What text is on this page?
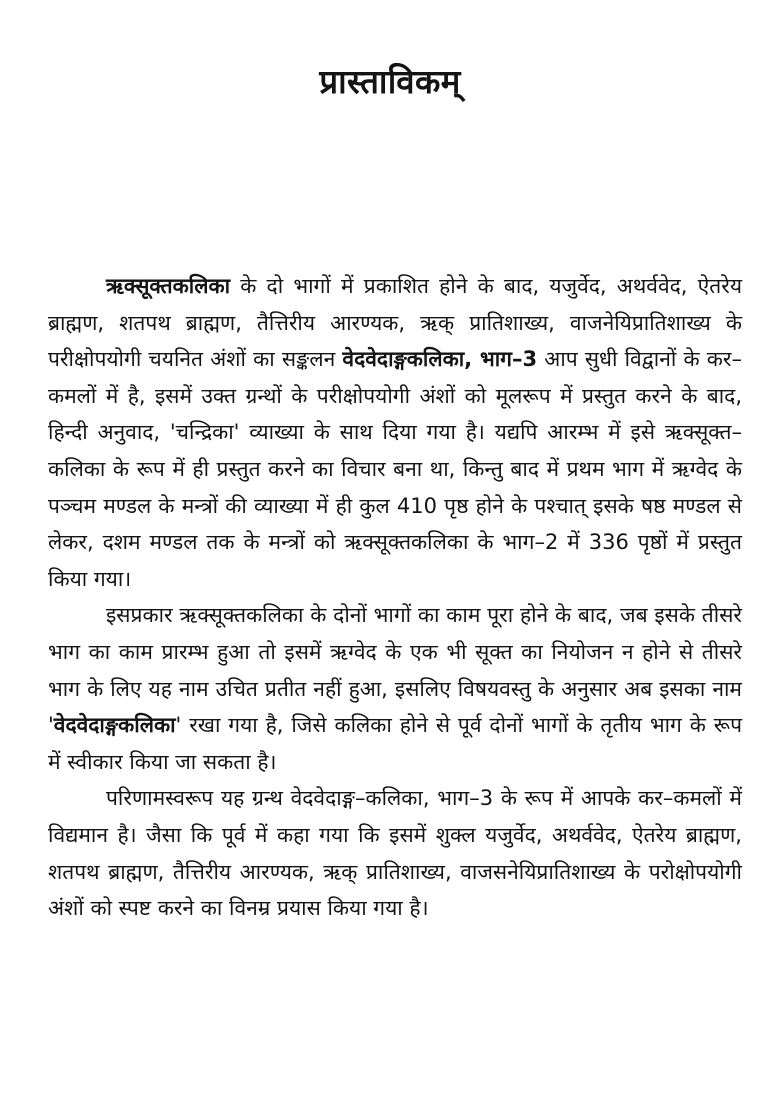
प्रास्ताविकम्

ऋक्सूक्तकलिका के दो भागों में प्रकाशित होने के बाद, यजुर्वेद, अथर्ववेद, ऐतरेय ब्राह्मण, शतपथ ब्राह्मण, तैत्तिरीय आरण्यक, ऋक् प्रातिशाख्य, वाजनेयिप्रातिशाख्य के परीक्षोपयोगी चयनित अंशों का सङ्कलन वेदवेदाङ्गकलिका, भाग–3 आप सुधी विद्वानों के कर–कमलों में है, इसमें उक्त ग्रन्थों के परीक्षोपयोगी अंशों को मूलरूप में प्रस्तुत करने के बाद, हिन्दी अनुवाद, 'चन्द्रिका' व्याख्या के साथ दिया गया है। यद्यपि आरम्भ में इसे ऋक्सूक्त–कलिका के रूप में ही प्रस्तुत करने का विचार बना था, किन्तु बाद में प्रथम भाग में ऋग्वेद के पञ्चम मण्डल के मन्त्रों की व्याख्या में ही कुल 410 पृष्ठ होने के पश्चात् इसके षष्ठ मण्डल से लेकर, दशम मण्डल तक के मन्त्रों को ऋक्सूक्तकलिका के भाग–2 में 336 पृष्ठों में प्रस्तुत किया गया।

इसप्रकार ऋक्सूक्तकलिका के दोनों भागों का काम पूरा होने के बाद, जब इसके तीसरे भाग का काम प्रारम्भ हुआ तो इसमें ऋग्वेद के एक भी सूक्त का नियोजन न होने से तीसरे भाग के लिए यह नाम उचित प्रतीत नहीं हुआ, इसलिए विषयवस्तु के अनुसार अब इसका नाम 'वेदवेदाङ्गकलिका' रखा गया है, जिसे कलिका होने से पूर्व दोनों भागों के तृतीय भाग के रूप में स्वीकार किया जा सकता है।

परिणामस्वरूप यह ग्रन्थ वेदवेदाङ्ग–कलिका, भाग–3 के रूप में आपके कर–कमलों में विद्यमान है। जैसा कि पूर्व में कहा गया कि इसमें शुक्ल यजुर्वेद, अथर्ववेद, ऐतरेय ब्राह्मण, शतपथ ब्राह्मण, तैत्तिरीय आरण्यक, ऋक् प्रातिशाख्य, वाजसनेयिप्रातिशाख्य के परोक्षोपयोगी अंशों को स्पष्ट करने का विनम्र प्रयास किया गया है।
